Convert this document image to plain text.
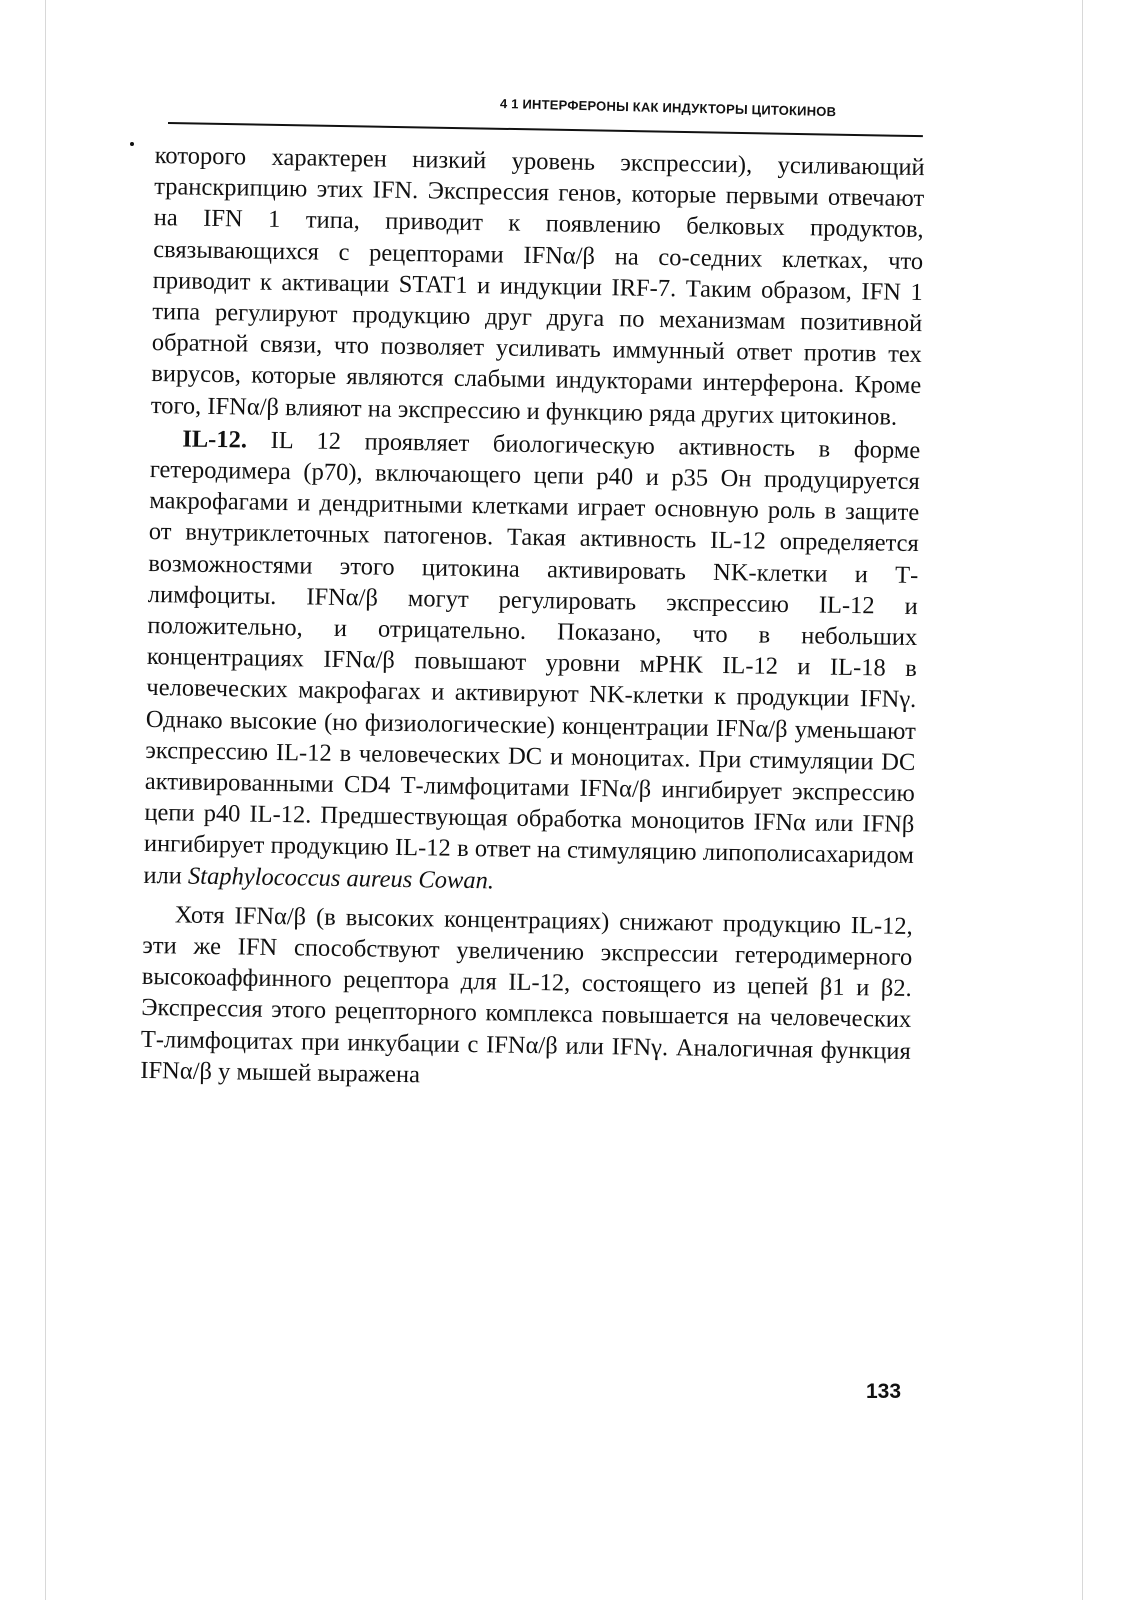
4 1 ИНТЕРФЕРОНЫ КАК ИНДУКТОРЫ ЦИТОКИНОВ

которого характерен низкий уровень экспрессии), усиливающий транскрипцию этих IFN. Экспрессия генов, которые первыми отвечают на IFN 1 типа, приводит к появлению белковых продуктов, связывающихся с рецепторами IFNα/β на со-седних клетках, что приводит к активации STAT1 и индукции IRF-7. Таким образом, IFN 1 типа регулируют продукцию друг друга по механизмам позитивной обратной связи, что позволяет усиливать иммунный ответ против тех вирусов, которые являются слабыми индукторами интерферона. Кроме того, IFNα/β влияют на экспрессию и функцию ряда других цитокинов.

IL-12. IL 12 проявляет биологическую активность в форме гетеродимера (p70), включающего цепи p40 и p35 Он продуцируется макрофагами и дендритными клетками играет основную роль в защите от внутриклеточных патогенов. Такая активность IL-12 определяется возможностями этого цитокина активировать NK-клетки и Т-лимфоциты. IFNα/β могут регулировать экспрессию IL-12 и положительно, и отрицательно. Показано, что в небольших концентрациях IFNα/β повышают уровни мРНК IL-12 и IL-18 в человеческих макрофагах и активируют NK-клетки к продукции IFNγ. Однако высокие (но физиологические) концентрации IFNα/β уменьшают экспрессию IL-12 в человеческих DC и моноцитах. При стимуляции DC активированными CD4 Т-лимфоцитами IFNα/β ингибирует экспрессию цепи p40 IL-12. Предшествующая обработка моноцитов IFNα или IFNβ ингибирует продукцию IL-12 в ответ на стимуляцию липополисахаридом или Staphylococcus aureus Cowan.

Хотя IFNα/β (в высоких концентрациях) снижают продукцию IL-12, эти же IFN способствуют увеличению экспрессии гетеродимерного высокоаффинного рецептора для IL-12, состоящего из цепей β1 и β2. Экспрессия этого рецепторного комплекса повышается на человеческих Т-лимфоцитах при инкубации с IFNα/β или IFNγ. Аналогичная функция IFNα/β у мышей выражена

133
